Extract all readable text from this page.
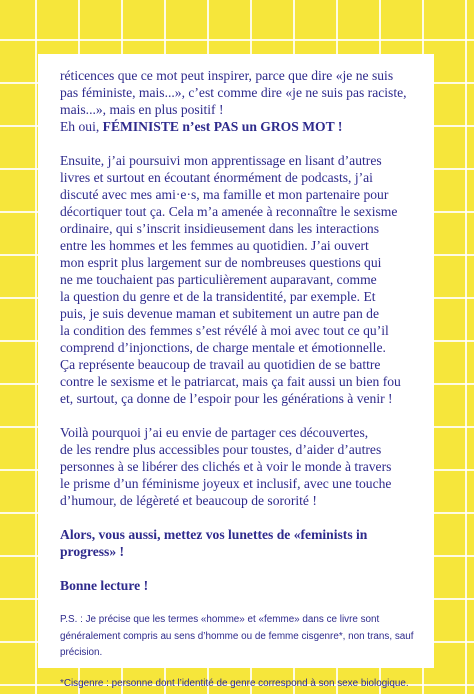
réticences que ce mot peut inspirer, parce que dire «je ne suis
pas féministe, mais...», c’est comme dire «je ne suis pas raciste,
mais...», mais en plus positif !
Eh oui, FÉMINISTE n’est PAS un GROS MOT !

Ensuite, j’ai poursuivi mon apprentissage en lisant d’autres
livres et surtout en écoutant énormément de podcasts, j’ai
discuté avec mes ami·e·s, ma famille et mon partenaire pour
décortiquer tout ça. Cela m’a amenée à reconnaître le sexisme
ordinaire, qui s’inscrit insidieusement dans les interactions
entre les hommes et les femmes au quotidien. J’ai ouvert
mon esprit plus largement sur de nombreuses questions qui
ne me touchaient pas particulièrement auparavant, comme
la question du genre et de la transidentité, par exemple. Et
puis, je suis devenue maman et subitement un autre pan de
la condition des femmes s’est révélé à moi avec tout ce qu’il
comprend d’injonctions, de charge mentale et émotionnelle.
Ça représente beaucoup de travail au quotidien de se battre
contre le sexisme et le patriarcat, mais ça fait aussi un bien fou
et, surtout, ça donne de l’espoir pour les générations à venir !

Voilà pourquoi j’ai eu envie de partager ces découvertes,
de les rendre plus accessibles pour toustes, d’aider d’autres
personnes à se libérer des clichés et à voir le monde à travers
le prisme d’un féminisme joyeux et inclusif, avec une touche
d’humour, de légèreté et beaucoup de sororité !

Alors, vous aussi, mettez vos lunettes de «feminists in
progress» !

Bonne lecture !

P.S. : Je précise que les termes «homme» et «femme» dans ce livre sont
généralement compris au sens d’homme ou de femme cisgenre*, non trans, sauf
précision.

*Cisgenre : personne dont l’identité de genre correspond à son sexe biologique.
